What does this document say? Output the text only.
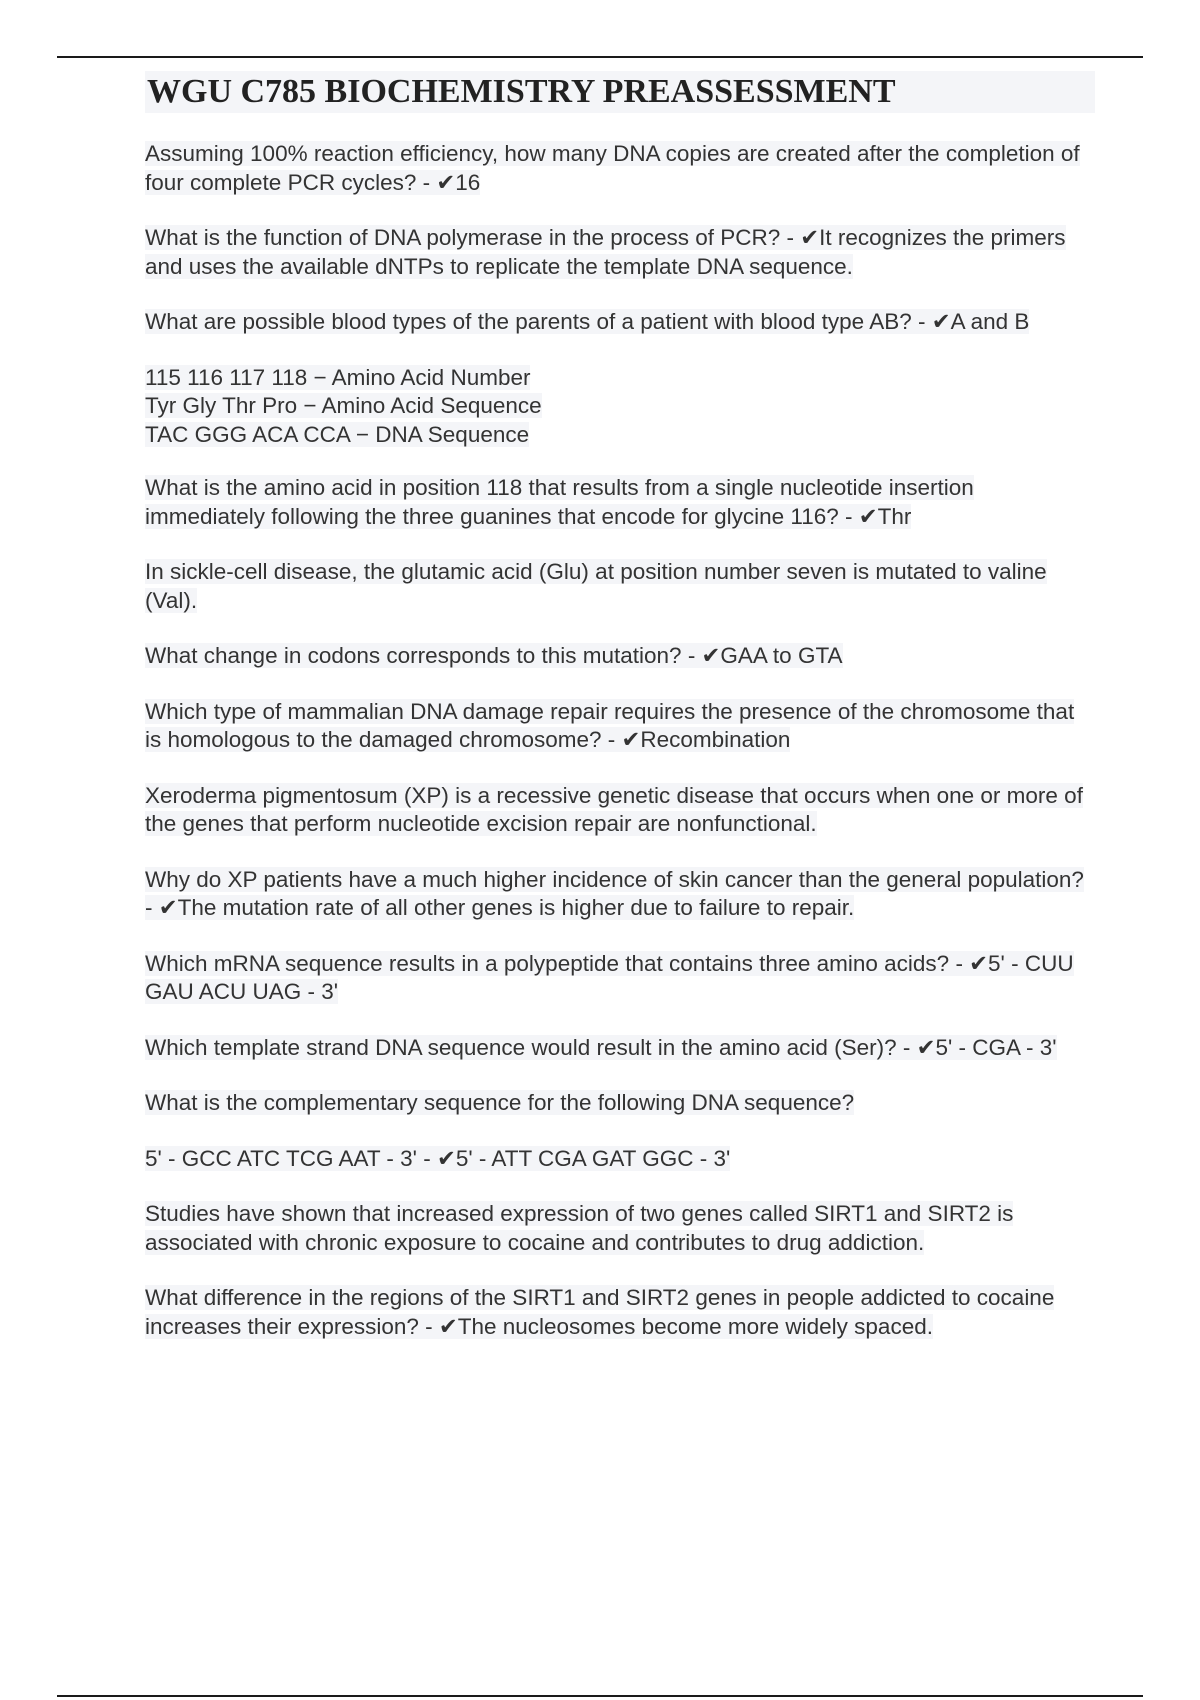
WGU C785 BIOCHEMISTRY PREASSESSMENT

Assuming 100% reaction efficiency, how many DNA copies are created after the completion of four complete PCR cycles? - ✔16

What is the function of DNA polymerase in the process of PCR? - ✔It recognizes the primers and uses the available dNTPs to replicate the template DNA sequence.

What are possible blood types of the parents of a patient with blood type AB? - ✔A and B

115 116 117 118 − Amino Acid Number
Tyr Gly Thr Pro − Amino Acid Sequence
TAC GGG ACA CCA − DNA Sequence

What is the amino acid in position 118 that results from a single nucleotide insertion immediately following the three guanines that encode for glycine 116? - ✔Thr

In sickle-cell disease, the glutamic acid (Glu) at position number seven is mutated to valine (Val).

What change in codons corresponds to this mutation? - ✔GAA to GTA

Which type of mammalian DNA damage repair requires the presence of the chromosome that is homologous to the damaged chromosome? - ✔Recombination

Xeroderma pigmentosum (XP) is a recessive genetic disease that occurs when one or more of the genes that perform nucleotide excision repair are nonfunctional.

Why do XP patients have a much higher incidence of skin cancer than the general population? - ✔The mutation rate of all other genes is higher due to failure to repair.

Which mRNA sequence results in a polypeptide that contains three amino acids? - ✔5' - CUU GAU ACU UAG - 3'

Which template strand DNA sequence would result in the amino acid (Ser)? - ✔5' - CGA - 3'

What is the complementary sequence for the following DNA sequence?

5' - GCC ATC TCG AAT - 3' - ✔5' - ATT CGA GAT GGC - 3'

Studies have shown that increased expression of two genes called SIRT1 and SIRT2 is associated with chronic exposure to cocaine and contributes to drug addiction.

What difference in the regions of the SIRT1 and SIRT2 genes in people addicted to cocaine increases their expression? - ✔The nucleosomes become more widely spaced.
